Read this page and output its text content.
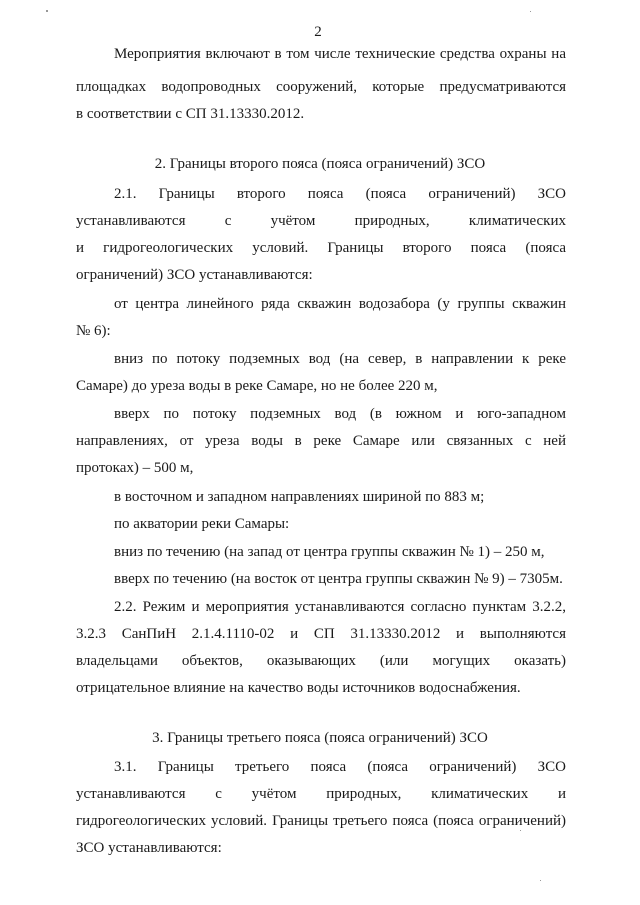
2
Мероприятия включают в том числе технические средства охраны на
площадках водопроводных сооружений, которые предусматриваются
в соответствии с СП 31.13330.2012.
2. Границы второго пояса (пояса ограничений) ЗСО
2.1. Границы второго пояса (пояса ограничений) ЗСО
устанавливаются с учётом природных, климатических
и гидрогеологических условий. Границы второго пояса (пояса
ограничений) ЗСО устанавливаются:
от центра линейного ряда скважин водозабора (у группы скважин
№ 6):
вниз по потоку подземных вод (на север, в направлении к реке
Самаре) до уреза воды в реке Самаре, но не более 220 м,
вверх по потоку подземных вод (в южном и юго-западном
направлениях, от уреза воды в реке Самаре или связанных с ней
протоках) – 500 м,
в восточном и западном направлениях шириной по 883 м;
по акватории реки Самары:
вниз по течению (на запад от центра группы скважин № 1) – 250 м,
вверх по течению (на восток от центра группы скважин № 9) – 7305м.
2.2. Режим и мероприятия устанавливаются согласно пунктам 3.2.2,
3.2.3 СанПиН 2.1.4.1110-02 и СП 31.13330.2012 и выполняются
владельцами объектов, оказывающих (или могущих оказать)
отрицательное влияние на качество воды источников водоснабжения.
3. Границы третьего пояса (пояса ограничений) ЗСО
3.1. Границы третьего пояса (пояса ограничений) ЗСО
устанавливаются с учётом природных, климатических и
гидрогеологических условий. Границы третьего пояса (пояса ограничений)
ЗСО устанавливаются:
